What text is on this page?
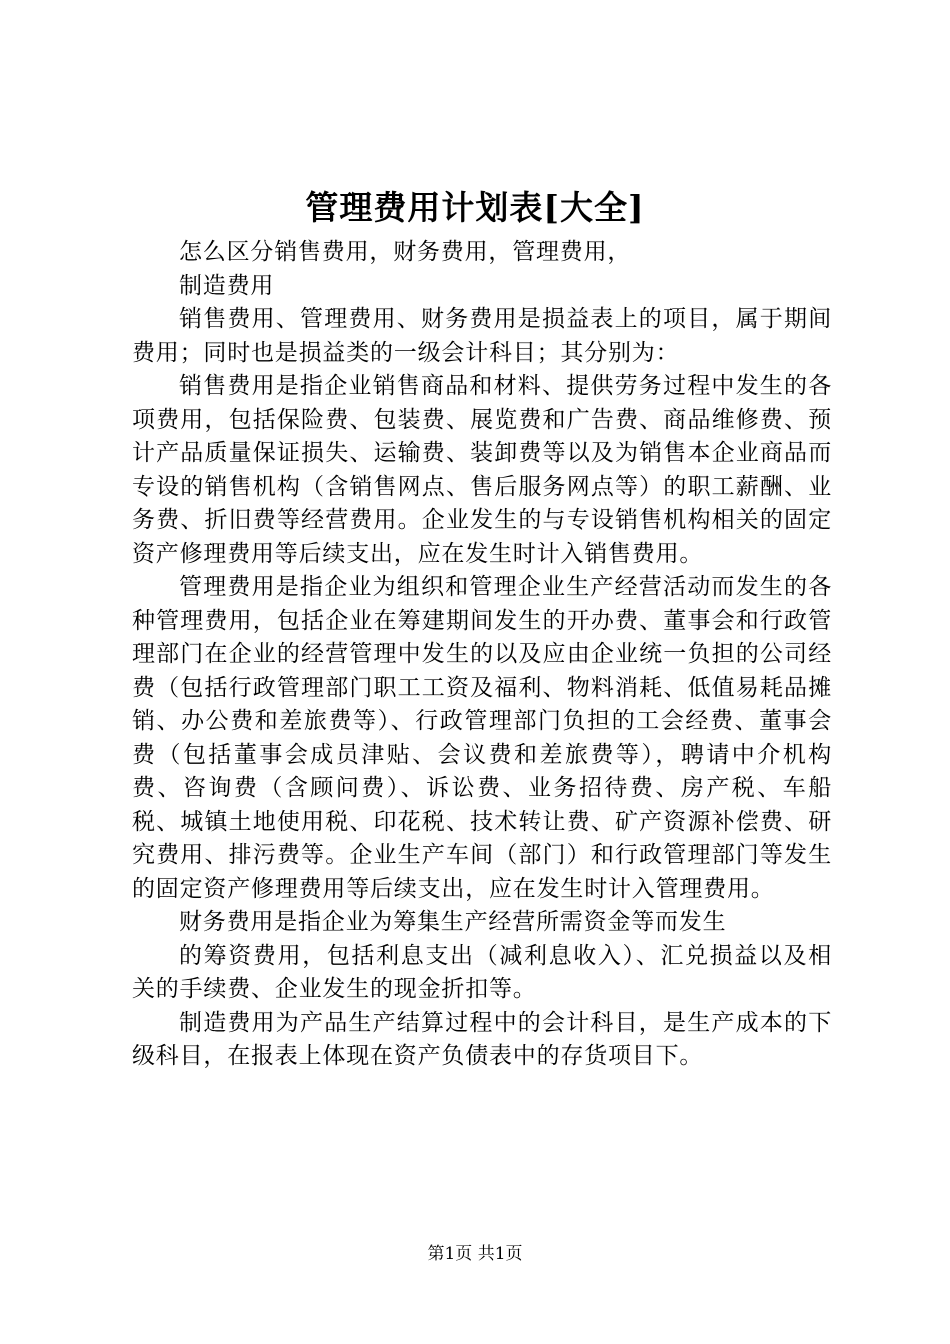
管理费用计划表[大全]

怎么区分销售费用，财务费用，管理费用，

制造费用

销售费用、管理费用、财务费用是损益表上的项目，属于期间费用；同时也是损益类的一级会计科目；其分别为：

销售费用是指企业销售商品和材料、提供劳务过程中发生的各项费用，包括保险费、包装费、展览费和广告费、商品维修费、预计产品质量保证损失、运输费、装卸费等以及为销售本企业商品而专设的销售机构（含销售网点、售后服务网点等）的职工薪酬、业务费、折旧费等经营费用。企业发生的与专设销售机构相关的固定资产修理费用等后续支出，应在发生时计入销售费用。

管理费用是指企业为组织和管理企业生产经营活动而发生的各种管理费用，包括企业在筹建期间发生的开办费、董事会和行政管理部门在企业的经营管理中发生的以及应由企业统一负担的公司经费（包括行政管理部门职工工资及福利、物料消耗、低值易耗品摊销、办公费和差旅费等）、行政管理部门负担的工会经费、董事会费（包括董事会成员津贴、会议费和差旅费等），聘请中介机构费、咨询费（含顾问费）、诉讼费、业务招待费、房产税、车船税、城镇土地使用税、印花税、技术转让费、矿产资源补偿费、研究费用、排污费等。企业生产车间（部门）和行政管理部门等发生的固定资产修理费用等后续支出，应在发生时计入管理费用。

财务费用是指企业为筹集生产经营所需资金等而发生

的筹资费用，包括利息支出（减利息收入）、汇兑损益以及相关的手续费、企业发生的现金折扣等。

制造费用为产品生产结算过程中的会计科目，是生产成本的下级科目，在报表上体现在资产负债表中的存货项目下。

第1页 共1页
